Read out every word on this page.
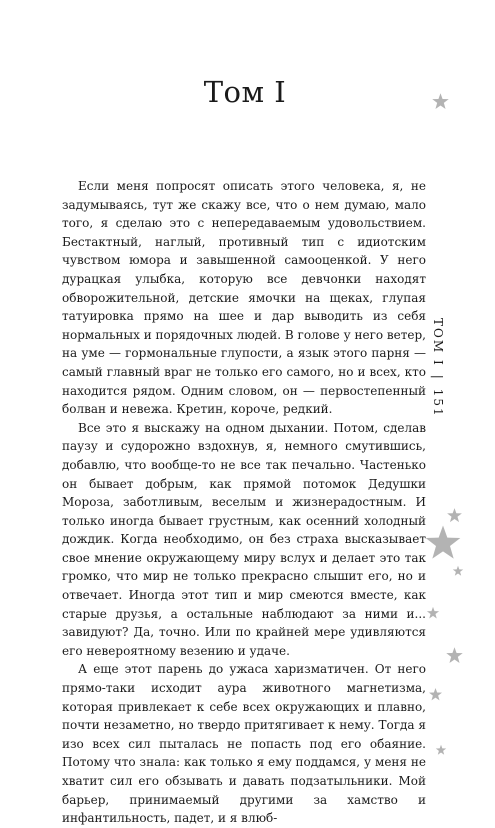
Том I

Если меня попросят описать этого человека, я, не задумываясь, тут же скажу все, что о нем думаю, мало того, я сделаю это с непередаваемым удовольствием. Бестактный, наглый, противный тип с идиотским чувством юмора и завышенной самооценкой. У него дурацкая улыбка, которую все девчонки находят обворожительной, детские ямочки на щеках, глупая татуировка прямо на шее и дар выводить из себя нормальных и порядочных людей. В голове у него ветер, на уме — гормональные глупости, а язык этого парня — самый главный враг не только его самого, но и всех, кто находится рядом. Одним словом, он — первостепенный болван и невежа. Кретин, короче, редкий.

Все это я выскажу на одном дыхании. Потом, сделав паузу и судорожно вздохнув, я, немного смутившись, добавлю, что вообще-то не все так печально. Частенько он бывает добрым, как прямой потомок Дедушки Мороза, заботливым, веселым и жизнерадостным. И только иногда бывает грустным, как осенний холодный дождик. Когда необходимо, он без страха высказывает свое мнение окружающему миру вслух и делает это так громко, что мир не только прекрасно слышит его, но и отвечает. Иногда этот тип и мир смеются вместе, как старые друзья, а остальные наблюдают за ними и... завидуют? Да, точно. Или по крайней мере удивляются его невероятному везению и удаче.

А еще этот парень до ужаса харизматичен. От него прямо-таки исходит аура животного магнетизма, которая привлекает к себе всех окружающих и плавно, почти незаметно, но твердо притягивает к нему. Тогда я изо всех сил пыталась не попасть под его обаяние. Потому что знала: как только я ему поддамся, у меня не хватит сил его обзывать и давать подзатыльники. Мой барьер, принимаемый другими за хамство и инфантильность, падет, и я влюб-

ТОМ I|151
